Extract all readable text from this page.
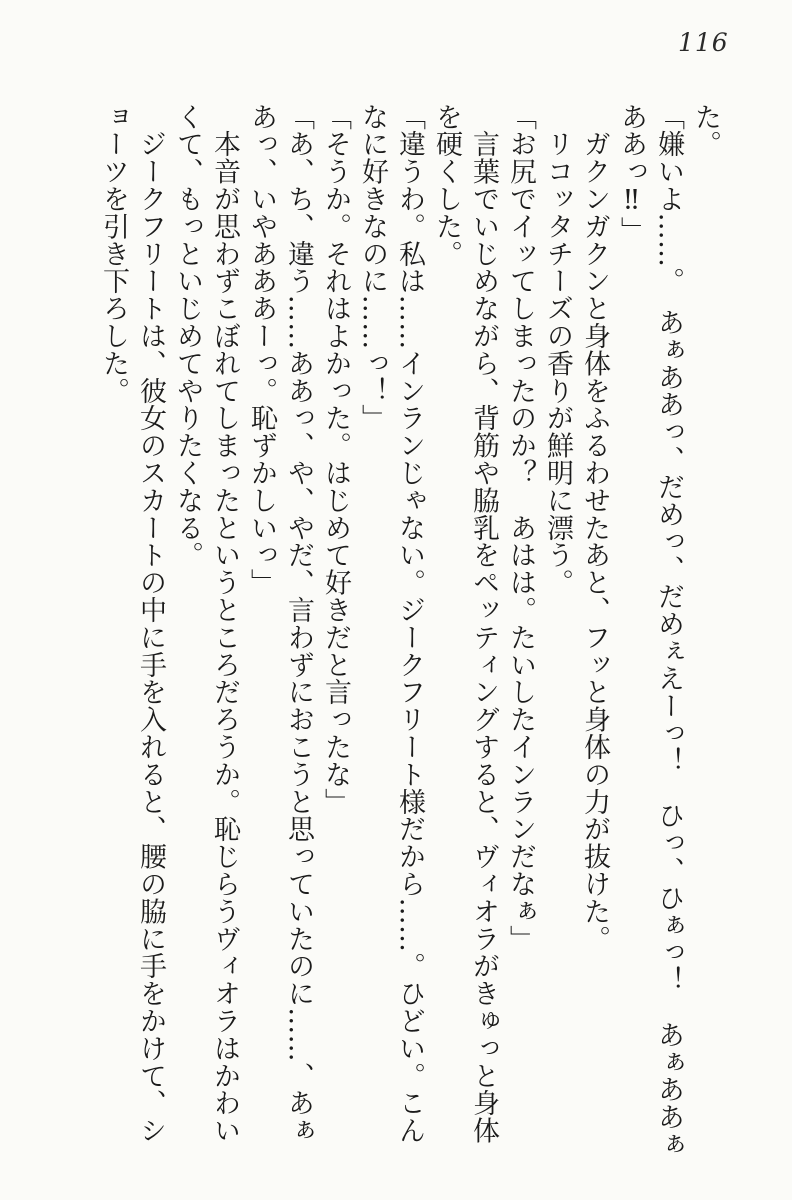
116
た。
「嫌いよ……。　あぁああっ、だめっ、だめぇえーっ！　ひっ、ひぁっ！　あぁああぁ
ああっ‼」
　ガクンガクンと身体をふるわせたあと、フッと身体の力が抜けた。
　リコッタチーズの香りが鮮明に漂う。
「お尻でイッてしまったのか？　あはは。たいしたインランだなぁ」
　言葉でいじめながら、背筋や脇乳をペッティングすると、ヴィオラがきゅっと身体
を硬くした。
「違うわ。私は……インランじゃない。ジークフリート様だから……。ひどい。こん
なに好きなのに……っ！」
「そうか。それはよかった。はじめて好きだと言ったな」
「あ、ち、違う……ああっ、や、やだ、言わずにおこうと思っていたのに……、あぁ
あっ、いやあああーっ。恥ずかしいっ」
　本音が思わずこぼれてしまったというところだろうか。恥じらうヴィオラはかわい
くて、もっといじめてやりたくなる。
　ジークフリートは、彼女のスカートの中に手を入れると、腰の脇に手をかけて、シ
ョーツを引き下ろした。
